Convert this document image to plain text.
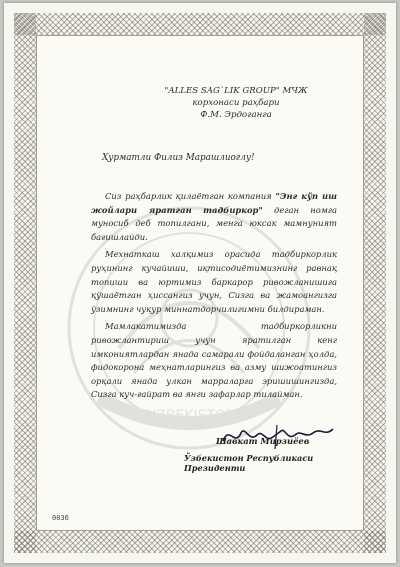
O'ZBEKISTON
"ALLES SAG`LIK GROUP" МЧЖ
корхонаси раҳбари
Ф.М. Эрдоганга
Ҳурматли Филиз Марашлиоглу!

Сиз раҳбарлик қилаётган компания "Энг кўп иш жойлари яратган тадбиркор" деган номга муносиб деб топилгани, менга юксак мамнуният бағишлайди.

Мехнаткаш халқимиз орасида тадбиркорлик руҳининг кучайиши, иқтисодиётимизнинг равнақ топиши ва юртимиз баркарор ривожланишига қўшаётган ҳиссангиз учун, Сизга ва жамоангизга ўзимнинг чуқур миннатдорчилигимни билдираман.

Мамлакатимизда тадбиркорликни ривожлантириш учун яратилган кенг имкониятлардан янада самарали фойдаланган ҳолда, фидокорона меҳнатларингиз ва азму шижоатингиз орқали янада улкан марраларга эришишингизда, Сизга куч-ғайрат ва янги зафарлар тилайман.

Шавкат Мирзиёев
Ўзбекистон Республикаси Президенти
0036
